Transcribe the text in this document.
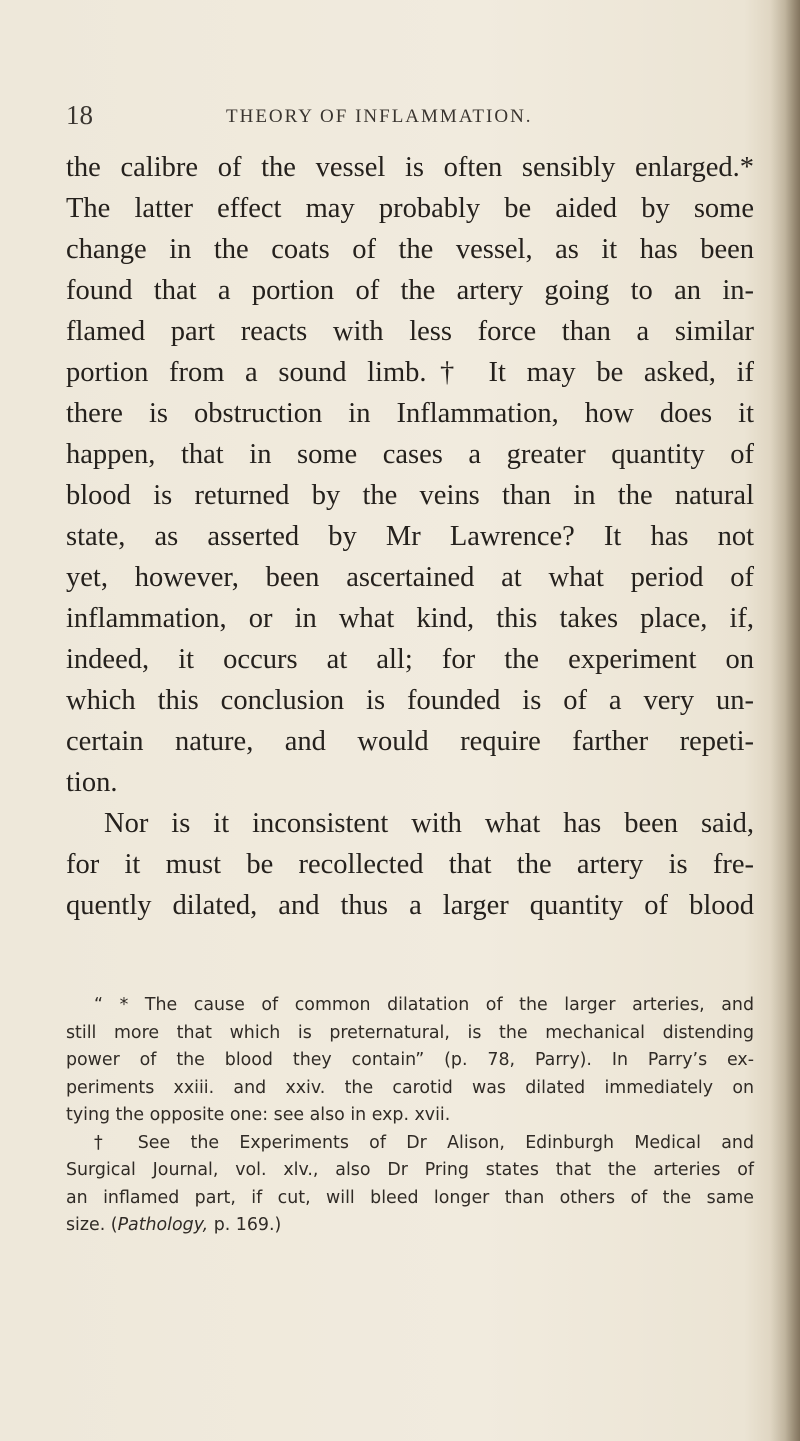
18	THEORY OF INFLAMMATION.
the calibre of the vessel is often sensibly enlarged.*
The latter effect may probably be aided by some
change in the coats of the vessel, as it has been
found that a portion of the artery going to an in-
flamed part reacts with less force than a similar
portion from a sound limb.† It may be asked, if
there is obstruction in Inflammation, how does it
happen, that in some cases a greater quantity of
blood is returned by the veins than in the natural
state, as asserted by Mr Lawrence? It has not
yet, however, been ascertained at what period of
inflammation, or in what kind, this takes place, if,
indeed, it occurs at all; for the experiment on
which this conclusion is founded is of a very un-
certain nature, and would require farther repeti-
tion.
Nor is it inconsistent with what has been said,
for it must be recollected that the artery is fre-
quently dilated, and thus a larger quantity of blood
“ * The cause of common dilatation of the larger arteries, and
still more that which is preternatural, is the mechanical distending
power of the blood they contain” (p. 78, Parry). In Parry’s ex-
periments xxiii. and xxiv. the carotid was dilated immediately on
tying the opposite one: see also in exp. xvii.
† See the Experiments of Dr Alison, Edinburgh Medical and
Surgical Journal, vol. xlv., also Dr Pring states that the arteries of
an inflamed part, if cut, will bleed longer than others of the same
size. (Pathology, p. 169.)
